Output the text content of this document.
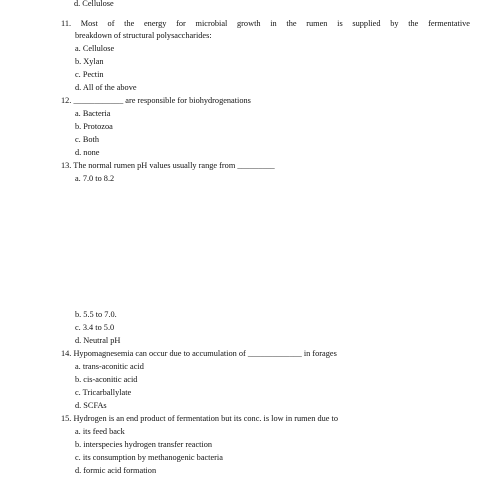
d. Cellulose
11. Most of the energy for microbial growth in the rumen is supplied by the fermentative
breakdown of structural polysaccharides:
a. Cellulose
b. Xylan
c. Pectin
d. All of the above
12. ____________ are responsible for biohydrogenations
a. Bacteria
b. Protozoa
c. Both
d. none
13. The normal rumen pH values usually range from _________
a. 7.0 to 8.2
b. 5.5 to 7.0.
c. 3.4 to 5.0
d. Neutral pH
14. Hypomagnesemia can occur due to accumulation of _____________ in forages
a. trans-aconitic acid
b. cis-aconitic acid
c. Tricarballylate
d. SCFAs
15. Hydrogen is an end product of fermentation but its conc. is low in rumen due to
a. its feed back
b. interspecies hydrogen transfer reaction
c. its consumption by methanogenic bacteria
d. formic acid formation
